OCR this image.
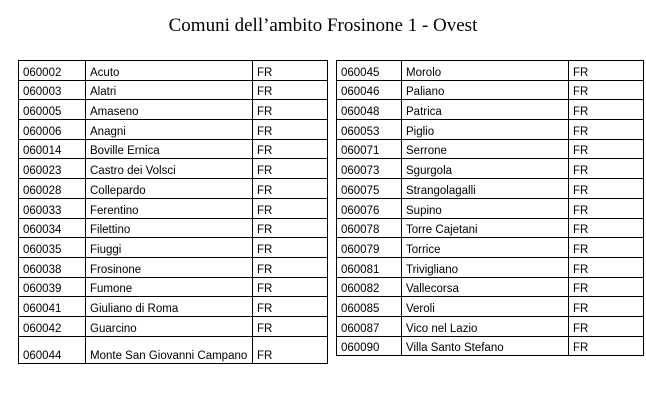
Comuni dell’ambito Frosinone 1 - Ovest
060002	Acuto	FR
060003	Alatri	FR
060005	Amaseno	FR
060006	Anagni	FR
060014	Boville Ernica	FR
060023	Castro dei Volsci	FR
060028	Collepardo	FR
060033	Ferentino	FR
060034	Filettino	FR
060035	Fiuggi	FR
060038	Frosinone	FR
060039	Fumone	FR
060041	Giuliano di Roma	FR
060042	Guarcino	FR
060044	Monte San Giovanni Campano	FR
060045	Morolo	FR
060046	Paliano	FR
060048	Patrica	FR
060053	Piglio	FR
060071	Serrone	FR
060073	Sgurgola	FR
060075	Strangolagalli	FR
060076	Supino	FR
060078	Torre Cajetani	FR
060079	Torrice	FR
060081	Trivigliano	FR
060082	Vallecorsa	FR
060085	Veroli	FR
060087	Vico nel Lazio	FR
060090	Villa Santo Stefano	FR
